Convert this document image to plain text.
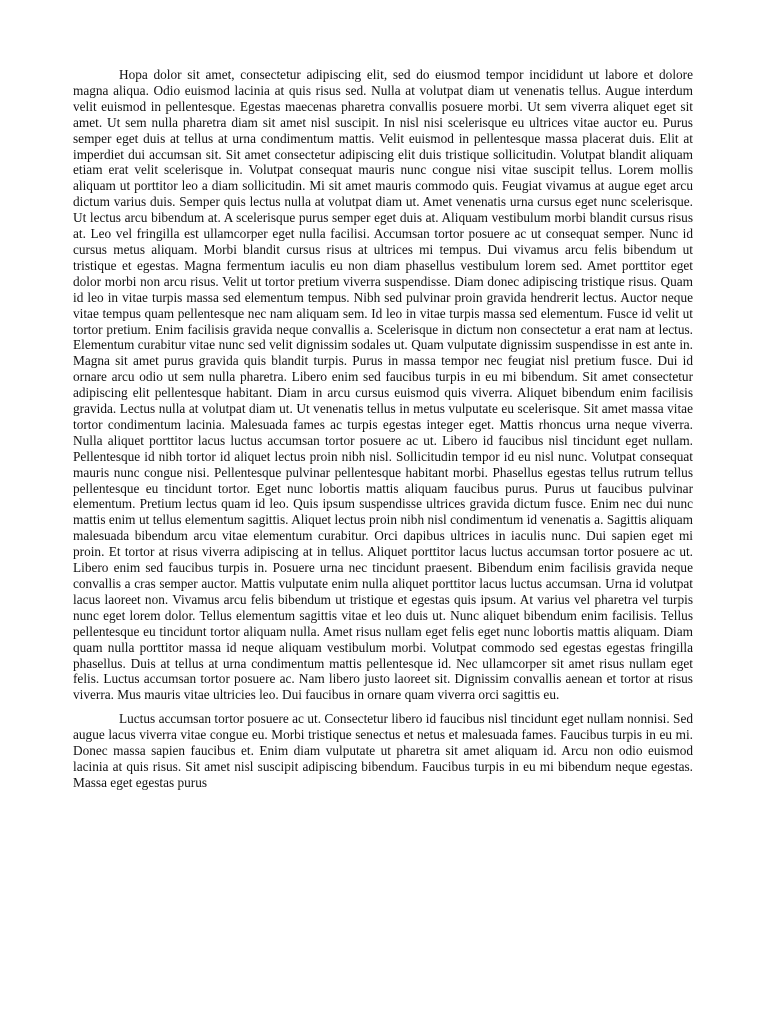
Hopa dolor sit amet, consectetur adipiscing elit, sed do eiusmod tempor incididunt ut labore et dolore magna aliqua. Odio euismod lacinia at quis risus sed. Nulla at volutpat diam ut venenatis tellus. Augue interdum velit euismod in pellentesque. Egestas maecenas pharetra convallis posuere morbi. Ut sem viverra aliquet eget sit amet. Ut sem nulla pharetra diam sit amet nisl suscipit. In nisl nisi scelerisque eu ultrices vitae auctor eu. Purus semper eget duis at tellus at urna condimentum mattis. Velit euismod in pellentesque massa placerat duis. Elit at imperdiet dui accumsan sit. Sit amet consectetur adipiscing elit duis tristique sollicitudin. Volutpat blandit aliquam etiam erat velit scelerisque in. Volutpat consequat mauris nunc congue nisi vitae suscipit tellus. Lorem mollis aliquam ut porttitor leo a diam sollicitudin. Mi sit amet mauris commodo quis. Feugiat vivamus at augue eget arcu dictum varius duis. Semper quis lectus nulla at volutpat diam ut. Amet venenatis urna cursus eget nunc scelerisque. Ut lectus arcu bibendum at. A scelerisque purus semper eget duis at. Aliquam vestibulum morbi blandit cursus risus at. Leo vel fringilla est ullamcorper eget nulla facilisi. Accumsan tortor posuere ac ut consequat semper. Nunc id cursus metus aliquam. Morbi blandit cursus risus at ultrices mi tempus. Dui vivamus arcu felis bibendum ut tristique et egestas. Magna fermentum iaculis eu non diam phasellus vestibulum lorem sed. Amet porttitor eget dolor morbi non arcu risus. Velit ut tortor pretium viverra suspendisse. Diam donec adipiscing tristique risus. Quam id leo in vitae turpis massa sed elementum tempus. Nibh sed pulvinar proin gravida hendrerit lectus. Auctor neque vitae tempus quam pellentesque nec nam aliquam sem. Id leo in vitae turpis massa sed elementum. Fusce id velit ut tortor pretium. Enim facilisis gravida neque convallis a. Scelerisque in dictum non consectetur a erat nam at lectus. Elementum curabitur vitae nunc sed velit dignissim sodales ut. Quam vulputate dignissim suspendisse in est ante in. Magna sit amet purus gravida quis blandit turpis. Purus in massa tempor nec feugiat nisl pretium fusce. Dui id ornare arcu odio ut sem nulla pharetra. Libero enim sed faucibus turpis in eu mi bibendum. Sit amet consectetur adipiscing elit pellentesque habitant. Diam in arcu cursus euismod quis viverra. Aliquet bibendum enim facilisis gravida. Lectus nulla at volutpat diam ut. Ut venenatis tellus in metus vulputate eu scelerisque. Sit amet massa vitae tortor condimentum lacinia. Malesuada fames ac turpis egestas integer eget. Mattis rhoncus urna neque viverra. Nulla aliquet porttitor lacus luctus accumsan tortor posuere ac ut. Libero id faucibus nisl tincidunt eget nullam. Pellentesque id nibh tortor id aliquet lectus proin nibh nisl. Sollicitudin tempor id eu nisl nunc. Volutpat consequat mauris nunc congue nisi. Pellentesque pulvinar pellentesque habitant morbi. Phasellus egestas tellus rutrum tellus pellentesque eu tincidunt tortor. Eget nunc lobortis mattis aliquam faucibus purus. Purus ut faucibus pulvinar elementum. Pretium lectus quam id leo. Quis ipsum suspendisse ultrices gravida dictum fusce. Enim nec dui nunc mattis enim ut tellus elementum sagittis. Aliquet lectus proin nibh nisl condimentum id venenatis a. Sagittis aliquam malesuada bibendum arcu vitae elementum curabitur. Orci dapibus ultrices in iaculis nunc. Dui sapien eget mi proin. Et tortor at risus viverra adipiscing at in tellus. Aliquet porttitor lacus luctus accumsan tortor posuere ac ut. Libero enim sed faucibus turpis in. Posuere urna nec tincidunt praesent. Bibendum enim facilisis gravida neque convallis a cras semper auctor. Mattis vulputate enim nulla aliquet porttitor lacus luctus accumsan. Urna id volutpat lacus laoreet non. Vivamus arcu felis bibendum ut tristique et egestas quis ipsum. At varius vel pharetra vel turpis nunc eget lorem dolor. Tellus elementum sagittis vitae et leo duis ut. Nunc aliquet bibendum enim facilisis. Tellus pellentesque eu tincidunt tortor aliquam nulla. Amet risus nullam eget felis eget nunc lobortis mattis aliquam. Diam quam nulla porttitor massa id neque aliquam vestibulum morbi. Volutpat commodo sed egestas egestas fringilla phasellus. Duis at tellus at urna condimentum mattis pellentesque id. Nec ullamcorper sit amet risus nullam eget felis. Luctus accumsan tortor posuere ac. Nam libero justo laoreet sit. Dignissim convallis aenean et tortor at risus viverra. Mus mauris vitae ultricies leo. Dui faucibus in ornare quam viverra orci sagittis eu.

Luctus accumsan tortor posuere ac ut. Consectetur libero id faucibus nisl tincidunt eget nullam nonnisi. Sed augue lacus viverra vitae congue eu. Morbi tristique senectus et netus et malesuada fames. Faucibus turpis in eu mi. Donec massa sapien faucibus et. Enim diam vulputate ut pharetra sit amet aliquam id. Arcu non odio euismod lacinia at quis risus. Sit amet nisl suscipit adipiscing bibendum. Faucibus turpis in eu mi bibendum neque egestas. Massa eget egestas purus
